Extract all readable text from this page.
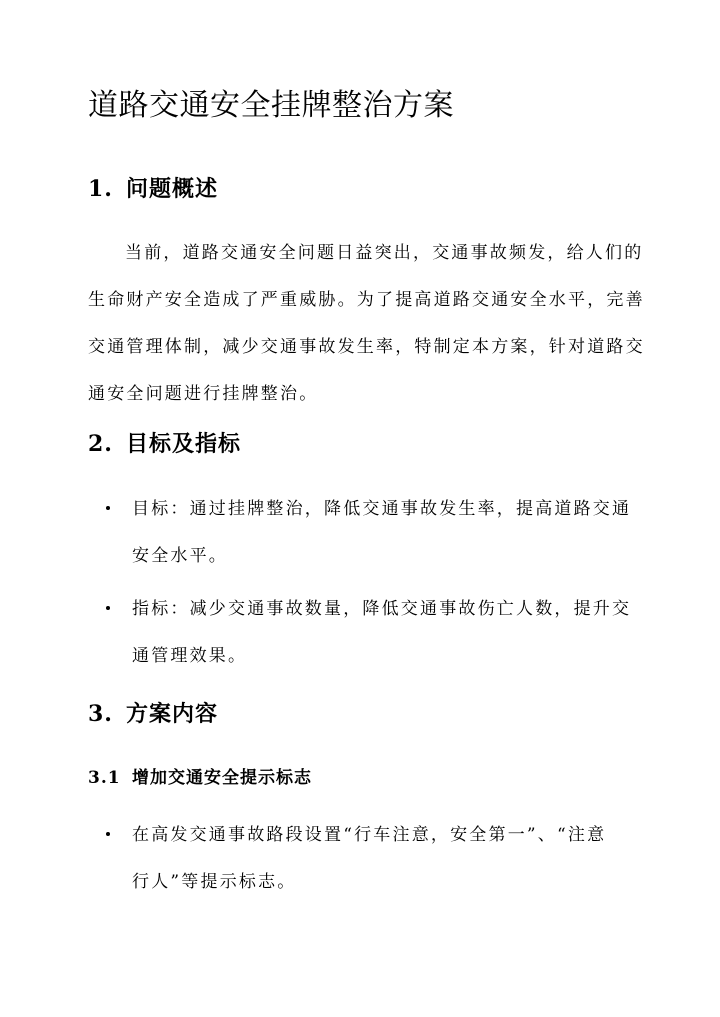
道路交通安全挂牌整治方案
1. 问题概述
当前，道路交通安全问题日益突出，交通事故频发，给人们的
生命财产安全造成了严重威胁。为了提高道路交通安全水平，完善
交通管理体制，减少交通事故发生率，特制定本方案，针对道路交
通安全问题进行挂牌整治。
2. 目标及指标
目标：通过挂牌整治，降低交通事故发生率，提高道路交通
安全水平。
指标：减少交通事故数量，降低交通事故伤亡人数，提升交
通管理效果。
3. 方案内容
3.1 增加交通安全提示标志
在高发交通事故路段设置“行车注意，安全第一”、“注意
行人”等提示标志。
